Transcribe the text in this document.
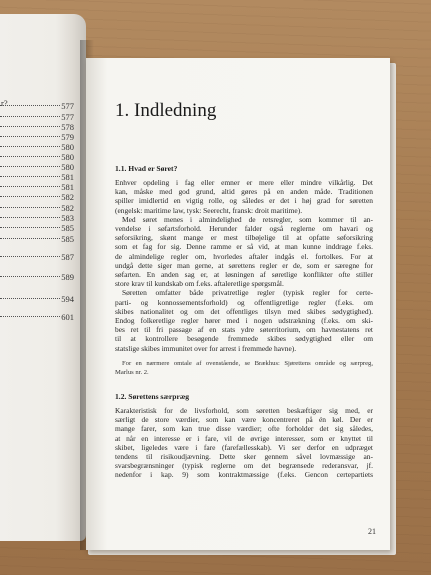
r?	577
577
578
579
580
580
580
581
581
582
582
583
585
585
587
589
594
601
1. Indledning
1.1. Hvad er Søret?
Enhver opdeling i fag eller emner er mere eller mindre vilkårlig. Det
kan, måske med god grund, altid gøres på en anden måde. Traditionen
spiller imidlertid en vigtig rolle, og således er det i høj grad for søretten
(engelsk: maritime law, tysk: Seerecht, fransk: droit maritime).
Med søret menes i almindelighed de retsregler, som kommer til an-
vendelse i søfartsforhold. Herunder falder også reglerne om havari og
søforsikring, skønt mange er mest tilbøjelige til at opfatte søforsikring
som et fag for sig. Denne ramme er så vid, at man kunne inddrage f.eks.
de almindelige regler om, hvorledes aftaler indgås el. fortolkes. For at
undgå dette siger man gerne, at sørettens regler er de, som er særegne for
søfarten. En anden sag er, at løsningen af søretlige konflikter ofte stiller
store krav til kundskab om f.eks. aftaleretlige spørgsmål.
Søretten omfatter både privatretlige regler (typisk regler for certe-
parti- og konnossementsforhold) og offentligretlige regler (f.eks. om
skibes nationalitet og om det offentliges tilsyn med skibes sødygtighed).
Endog folkeretlige regler hører med i nogen udstrækning (f.eks. om ski-
bes ret til fri passage af en stats ydre søterritorium, om havnestatens ret
til at kontrollere besøgende fremmede skibes sødygtighed eller om
statslige skibes immunitet over for arrest i fremmede havne).
For en nærmere omtale af ovenstående, se Brækhus: Sjørettens område og særpreg,
Marlus nr. 2.
1.2. Sørettens særpræg
Karakteristisk for de livsforhold, som søretten beskæftiger sig med, er
særligt de store værdier, som kan være koncentreret på én køl. Der er
mange farer, som kan true disse værdier; ofte forholder det sig således,
at når en interesse er i fare, vil de øvrige interesser, som er knyttet til
skibet, ligeledes være i fare (farefællesskab). Vi ser derfor en udpræget
tendens til risikoudjævning. Dette sker gennem såvel lovmæssige an-
svarsbegrænsninger (typisk reglerne om det begrænsede rederansvar, jf.
nedenfor i kap. 9) som kontraktmæssige (f.eks. Gencon certepartiets
21
